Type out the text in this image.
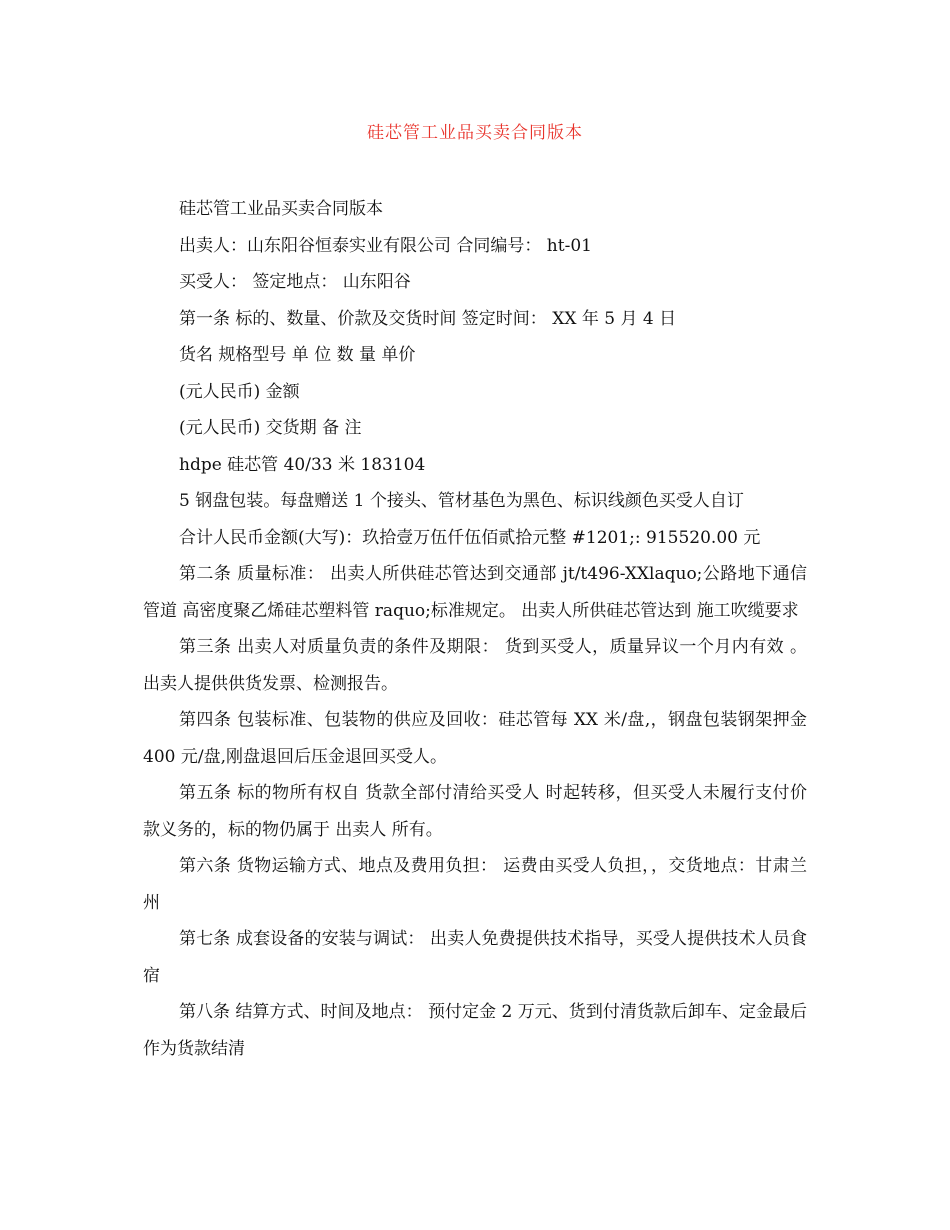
硅芯管工业品买卖合同版本

硅芯管工业品买卖合同版本

出卖人：山东阳谷恒泰实业有限公司 合同编号： ht-01

买受人： 签定地点： 山东阳谷

第一条 标的、数量、价款及交货时间 签定时间： XX 年 5 月 4 日

货名 规格型号 单 位 数 量 单价

(元人民币) 金额

(元人民币) 交货期 备 注

hdpe 硅芯管 40/33 米 183104

5 钢盘包装。每盘赠送 1 个接头、管材基色为黑色、标识线颜色买受人自订

合计人民币金额(大写)：玖拾壹万伍仟伍佰贰拾元整 #1201;: 915520.00 元

第二条 质量标准： 出卖人所供硅芯管达到交通部 jt/t496-XXlaquo;公路地下通信管道 高密度聚乙烯硅芯塑料管 raquo;标准规定。 出卖人所供硅芯管达到 施工吹缆要求

第三条 出卖人对质量负责的条件及期限： 货到买受人，质量异议一个月内有效 。 出卖人提供供货发票、检测报告。

第四条 包装标准、包装物的供应及回收：硅芯管每 XX 米/盘,，钢盘包装钢架押金 400 元/盘,刚盘退回后压金退回买受人。

第五条 标的物所有权自 货款全部付清给买受人 时起转移，但买受人未履行支付价款义务的，标的物仍属于 出卖人 所有。

第六条 货物运输方式、地点及费用负担： 运费由买受人负担，，交货地点：甘肃兰州

第七条 成套设备的安装与调试： 出卖人免费提供技术指导，买受人提供技术人员食宿

第八条 结算方式、时间及地点： 预付定金 2 万元、货到付清货款后卸车、定金最后作为货款结清
